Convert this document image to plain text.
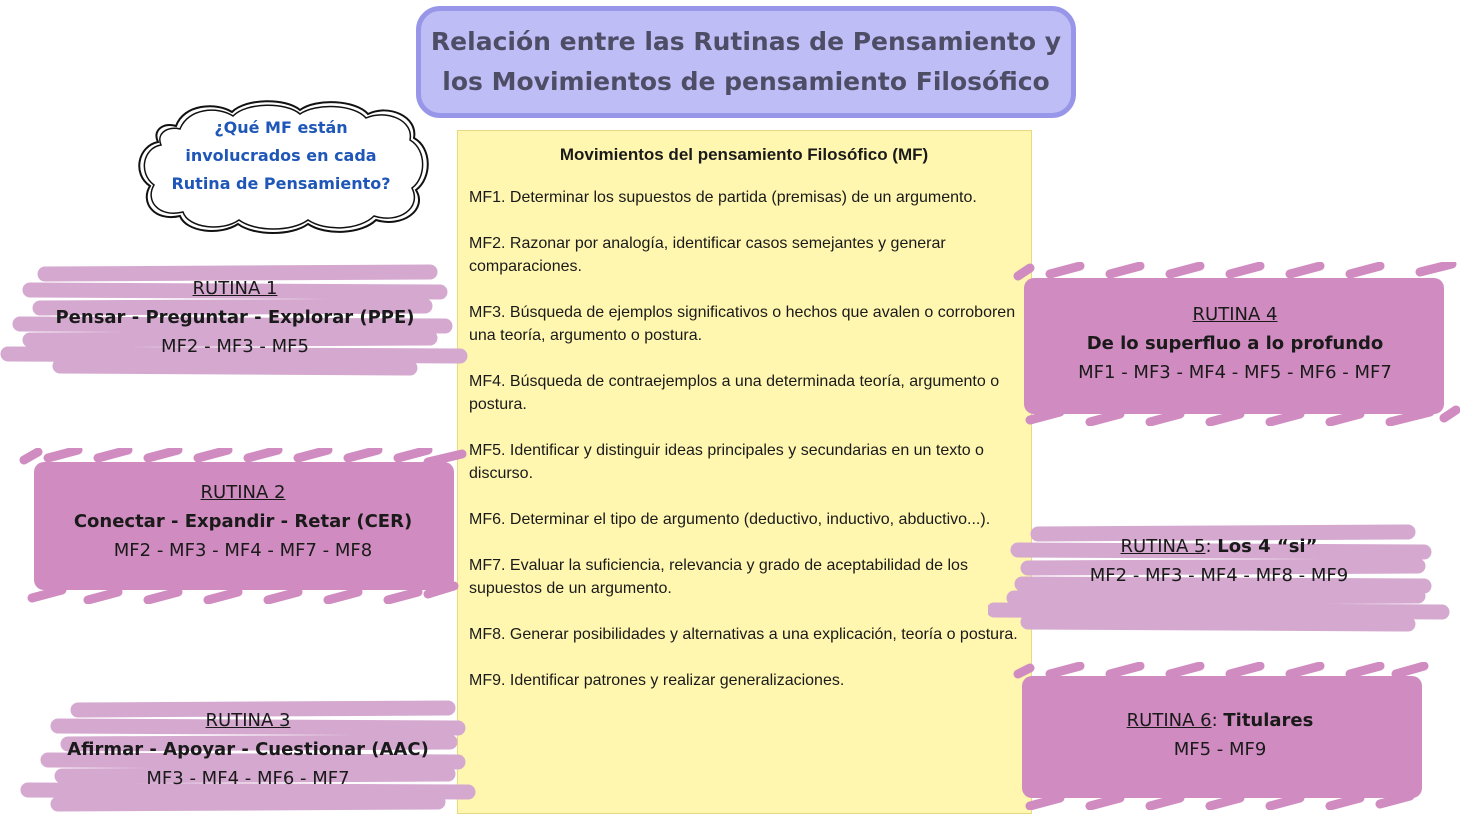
Relación entre las Rutinas de Pensamiento y
los Movimientos de pensamiento Filosófico
¿Qué MF están
involucrados en cada
Rutina de Pensamiento?
Movimientos del pensamiento Filosófico (MF)
MF1. Determinar los supuestos de partida (premisas) de un argumento.
MF2. Razonar por analogía, identificar casos semejantes y generar comparaciones.
MF3. Búsqueda de ejemplos significativos o hechos que avalen o corroboren una teoría, argumento o postura.
MF4. Búsqueda de contraejemplos a una determinada teoría, argumento o postura.
MF5. Identificar y distinguir ideas principales y secundarias en un texto o discurso.
MF6. Determinar el tipo de argumento (deductivo, inductivo, abductivo...).
MF7. Evaluar la suficiencia, relevancia y grado de aceptabilidad de los supuestos de un argumento.
MF8. Generar posibilidades y alternativas a una explicación, teoría o postura.
MF9. Identificar patrones y realizar generalizaciones.
RUTINA 1
Pensar - Preguntar - Explorar (PPE)
MF2 - MF3 - MF5
RUTINA 2
Conectar - Expandir - Retar (CER)
MF2 - MF3 - MF4 - MF7 - MF8
RUTINA 3
Afirmar - Apoyar - Cuestionar (AAC)
MF3 - MF4 - MF6 - MF7
RUTINA 4
De lo superfluo a lo profundo
MF1 - MF3 - MF4 - MF5 - MF6 - MF7
RUTINA 5: Los 4 “si”
MF2 - MF3 - MF4 - MF8 - MF9
RUTINA 6: Titulares
MF5 - MF9
